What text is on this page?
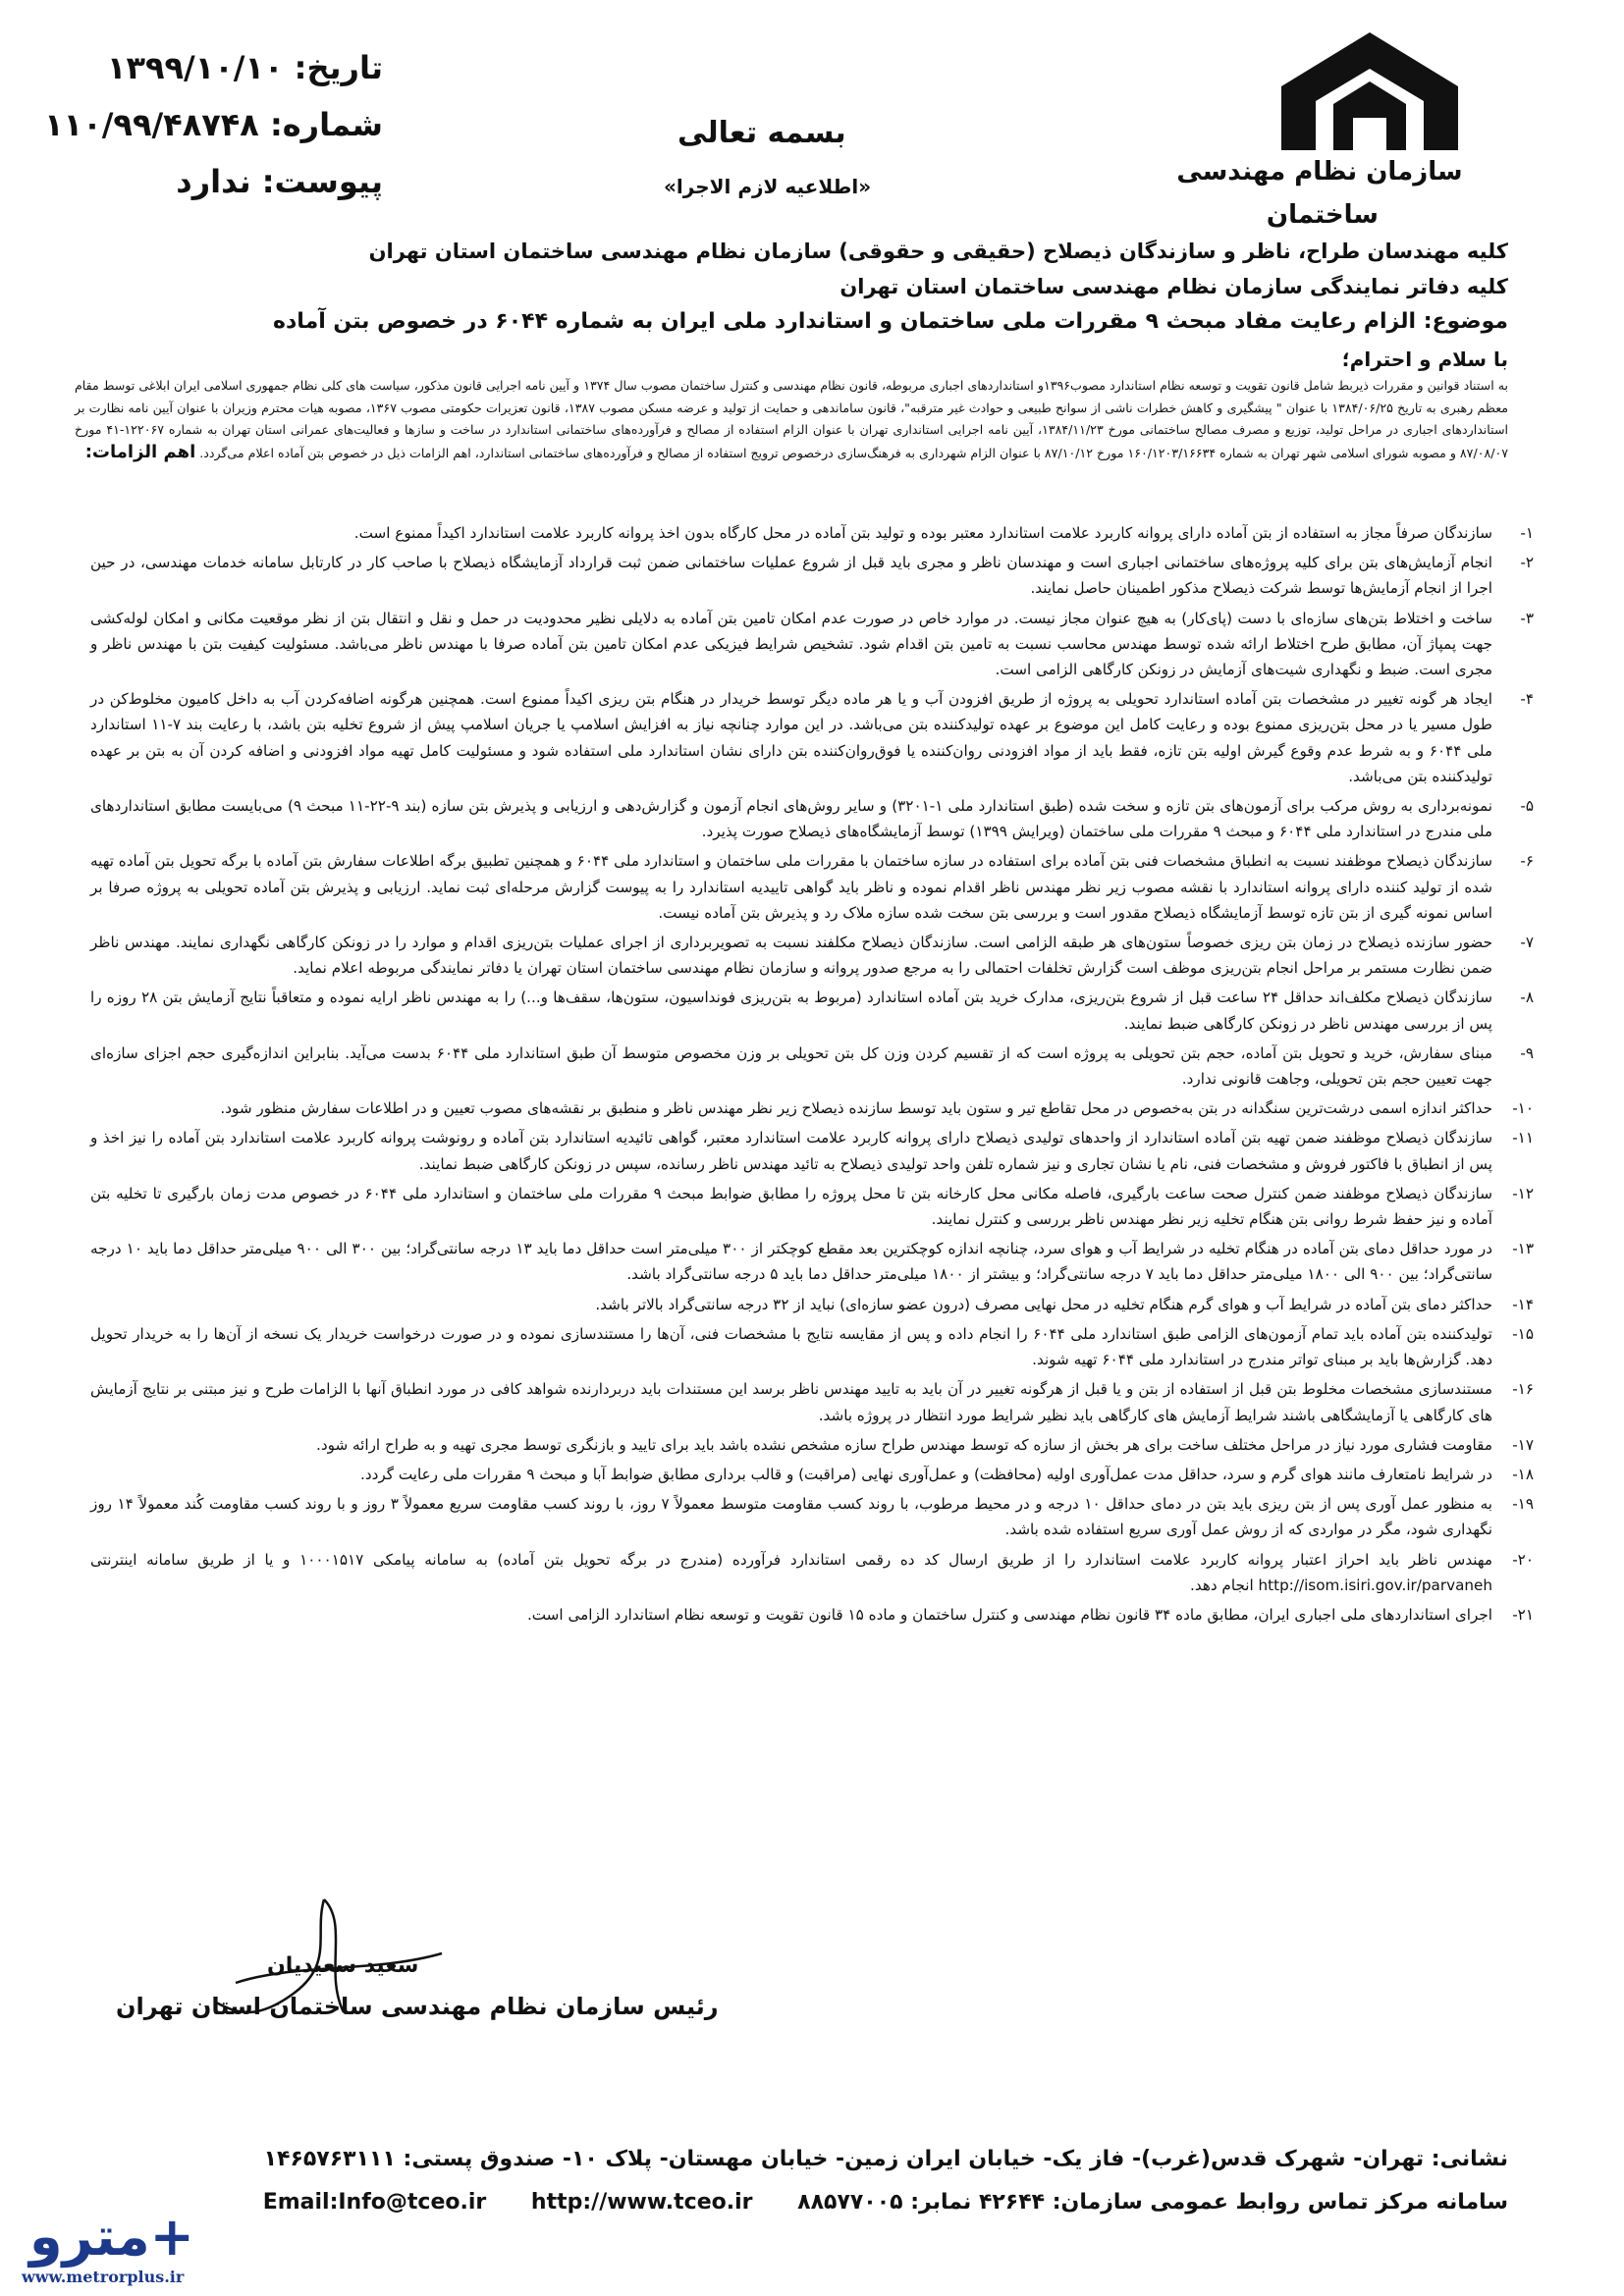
سازمان نظام مهندسی
ساختمان
بسمه تعالی
«اطلاعیه لازم الاجرا»
تاریخ: ۱۳۹۹/۱۰/۱۰
شماره: ۱۱۰/۹۹/۴۸۷۴۸
پیوست: ندارد
کلیه مهندسان طراح، ناظر و سازندگان ذیصلاح (حقیقی و حقوقی) سازمان نظام مهندسی ساختمان استان تهران
کلیه دفاتر نمایندگی سازمان نظام مهندسی ساختمان استان تهران
موضوع: الزام رعایت مفاد مبحث ۹ مقررات ملی ساختمان و استاندارد ملی ایران به شماره ۶۰۴۴ در خصوص بتن آماده
با سلام و احترام؛
به استناد قوانین و مقررات ذیربط شامل قانون تقویت و توسعه نظام استاندارد مصوب۱۳۹۶و استانداردهای اجباری مربوطه، قانون نظام مهندسی و کنترل ساختمان مصوب سال ۱۳۷۴ و آیین نامه اجرایی قانون مذکور، سیاست های کلی نظام جمهوری اسلامی ایران ابلاغی توسط مقام معظم رهبری به تاریخ ۱۳۸۴/۰۶/۲۵ با عنوان " پیشگیری و کاهش خطرات ناشی از سوانح طبیعی و حوادث غیر مترقبه"، قانون ساماندهی و حمایت از تولید و عرضه مسکن مصوب ۱۳۸۷، قانون تعزیرات حکومتی مصوب ۱۳۶۷، مصوبه هیات محترم وزیران با عنوان آیین نامه نظارت بر استانداردهای اجباری در مراحل تولید، توزیع و مصرف مصالح ساختمانی مورخ ۱۳۸۴/۱۱/۲۳، آیین نامه اجرایی استانداری تهران با عنوان الزام استفاده از مصالح و فرآورده‌های ساختمانی استاندارد در ساخت و سازها و فعالیت‌های عمرانی استان تهران به شماره ۱۲۲۰۶۷-۴۱ مورخ ۸۷/۰۸/۰۷ و مصوبه شورای اسلامی شهر تهران به شماره ۱۶۰/۱۲۰۳/۱۶۶۳۴ مورخ ۸۷/۱۰/۱۲ با عنوان الزام شهرداری به فرهنگ‌سازی درخصوص ترویج استفاده از مصالح و فرآورده‌های ساختمانی استاندارد، اهم الزامات ذیل در خصوص بتن آماده اعلام می‌گردد. اهم الزامات:
۱-
سازندگان صرفاً مجاز به استفاده از بتن آماده دارای پروانه کاربرد علامت استاندارد معتبر بوده و تولید بتن آماده در محل کارگاه بدون اخذ پروانه کاربرد علامت استاندارد اکیداً ممنوع است.
۲-
انجام آزمایش‌های بتن برای کلیه پروژه‌های ساختمانی اجباری است و مهندسان ناظر و مجری باید قبل از شروع عملیات ساختمانی ضمن ثبت قرارداد آزمایشگاه ذیصلاح با صاحب کار در کارتابل سامانه خدمات مهندسی، در حین اجرا از انجام آزمایش‌ها توسط شرکت ذیصلاح مذکور اطمینان حاصل نمایند.
۳-
ساخت و اختلاط بتن‌های سازه‌ای با دست (پای‌کار) به هیچ عنوان مجاز نیست. در موارد خاص در صورت عدم امکان تامین بتن آماده به دلایلی نظیر محدودیت در حمل و نقل و انتقال بتن از نظر موقعیت مکانی و امکان لوله‌کشی جهت پمپاژ آن، مطابق طرح اختلاط ارائه شده توسط مهندس محاسب نسبت به تامین بتن اقدام شود. تشخیص شرایط فیزیکی عدم امکان تامین بتن آماده صرفا با مهندس ناظر می‌باشد. مسئولیت کیفیت بتن با مهندس ناظر و مجری است. ضبط و نگهداری شیت‌های آزمایش در زونکن کارگاهی الزامی است.
۴-
ایجاد هر گونه تغییر در مشخصات بتن آماده استاندارد تحویلی به پروژه از طریق افزودن آب و یا هر ماده دیگر توسط خریدار در هنگام بتن ریزی اکیداً ممنوع است. همچنین هرگونه اضافه‌کردن آب به داخل کامیون مخلوط‌کن در طول مسیر یا در محل بتن‌ریزی ممنوع بوده و رعایت کامل این موضوع بر عهده تولیدکننده بتن می‌باشد. در این موارد چنانچه نیاز به افزایش اسلامپ یا جریان اسلامپ پیش از شروع تخلیه بتن باشد، با رعایت بند ۷-۱۱ استاندارد ملی ۶۰۴۴ و به شرط عدم وقوع گیرش اولیه بتن تازه، فقط باید از مواد افزودنی روان‌کننده یا فوق‌روان‌کننده بتن دارای نشان استاندارد ملی استفاده شود و مسئولیت کامل تهیه مواد افزودنی و اضافه کردن آن به بتن بر عهده تولیدکننده بتن می‌باشد.
۵-
نمونه‌برداری به روش مرکب برای آزمون‌های بتن تازه و سخت شده (طبق استاندارد ملی ۱-۳۲۰۱) و سایر روش‌های انجام آزمون و گزارش‌دهی و ارزیابی و پذیرش بتن سازه (بند ۹-۲۲-۱۱ مبحث ۹) می‌بایست مطابق استانداردهای ملی مندرج در استاندارد ملی ۶۰۴۴ و مبحث ۹ مقررات ملی ساختمان (ویرایش ۱۳۹۹) توسط آزمایشگاه‌های ذیصلاح صورت پذیرد.
۶-
سازندگان ذیصلاح موظفند نسبت به انطباق مشخصات فنی بتن آماده برای استفاده در سازه ساختمان با مقررات ملی ساختمان و استاندارد ملی ۶۰۴۴ و همچنین تطبیق برگه اطلاعات سفارش بتن آماده با برگه تحویل بتن آماده تهیه شده از تولید کننده دارای پروانه استاندارد با نقشه مصوب زیر نظر مهندس ناظر اقدام نموده و ناظر باید گواهی تاییدیه استاندارد را به پیوست گزارش مرحله‌ای ثبت نماید. ارزیابی و پذیرش بتن آماده تحویلی به پروژه صرفا بر اساس نمونه گیری از بتن تازه توسط آزمایشگاه ذیصلاح مقدور است و بررسی بتن سخت شده سازه ملاک رد و پذیرش بتن آماده نیست.
۷-
حضور سازنده ذیصلاح در زمان بتن ریزی خصوصاً ستون‌های هر طبقه الزامی است. سازندگان ذیصلاح مکلفند نسبت به تصویربرداری از اجرای عملیات بتن‌ریزی اقدام و موارد را در زونکن کارگاهی نگهداری نمایند. مهندس ناظر ضمن نظارت مستمر بر مراحل انجام بتن‌ریزی موظف است گزارش تخلفات احتمالی را به مرجع صدور پروانه و سازمان نظام مهندسی ساختمان استان تهران یا دفاتر نمایندگی مربوطه اعلام نماید.
۸-
سازندگان ذیصلاح مکلف‌اند حداقل ۲۴ ساعت قبل از شروع بتن‌ریزی، مدارک خرید بتن آماده استاندارد (مربوط به بتن‌ریزی فونداسیون، ستون‌ها، سقف‌ها و...) را به مهندس ناظر ارایه نموده و متعاقباً نتایج آزمایش بتن ۲۸ روزه را پس از بررسی مهندس ناظر در زونکن کارگاهی ضبط نمایند.
۹-
مبنای سفارش، خرید و تحویل بتن آماده، حجم بتن تحویلی به پروژه است که از تقسیم کردن وزن کل بتن تحویلی بر وزن مخصوص متوسط آن طبق استاندارد ملی ۶۰۴۴ بدست می‌آید. بنابراین اندازه‌گیری حجم اجزای سازه‌ای جهت تعیین حجم بتن تحویلی، وجاهت قانونی ندارد.
۱۰-
حداکثر اندازه اسمی درشت‌ترین سنگدانه در بتن به‌خصوص در محل تقاطع تیر و ستون باید توسط سازنده ذیصلاح زیر نظر مهندس ناظر و منطبق بر نقشه‌های مصوب تعیین و در اطلاعات سفارش منظور شود.
۱۱-
سازندگان ذیصلاح موظفند ضمن تهیه بتن آماده استاندارد از واحدهای تولیدی ذیصلاح دارای پروانه کاربرد علامت استاندارد معتبر، گواهی تائیدیه استاندارد بتن آماده و رونوشت پروانه کاربرد علامت استاندارد بتن آماده را نیز اخذ و پس از انطباق با فاکتور فروش و مشخصات فنی، نام یا نشان تجاری و نیز شماره تلفن واحد تولیدی ذیصلاح به تائید مهندس ناظر رسانده، سپس در زونکن کارگاهی ضبط نمایند.
۱۲-
سازندگان ذیصلاح موظفند ضمن کنترل صحت ساعت بارگیری، فاصله مکانی محل کارخانه بتن تا محل پروژه را مطابق ضوابط مبحث ۹ مقررات ملی ساختمان و استاندارد ملی ۶۰۴۴ در خصوص مدت زمان بارگیری تا تخلیه بتن آماده و نیز حفظ شرط روانی بتن هنگام تخلیه زیر نظر مهندس ناظر بررسی و کنترل نمایند.
۱۳-
در مورد حداقل دمای بتن آماده در هنگام تخلیه در شرایط آب و هوای سرد، چنانچه اندازه کوچکترین بعد مقطع کوچکتر از ۳۰۰ میلی‌متر است حداقل دما باید ۱۳ درجه سانتی‌گراد؛ بین ۳۰۰ الی ۹۰۰ میلی‌متر حداقل دما باید ۱۰ درجه سانتی‌گراد؛ بین ۹۰۰ الی ۱۸۰۰ میلی‌متر حداقل دما باید ۷ درجه سانتی‌گراد؛ و بیشتر از ۱۸۰۰ میلی‌متر حداقل دما باید ۵ درجه سانتی‌گراد باشد.
۱۴-
حداکثر دمای بتن آماده در شرایط آب و هوای گرم هنگام تخلیه در محل نهایی مصرف (درون عضو سازه‌ای) نباید از ۳۲ درجه سانتی‌گراد بالاتر باشد.
۱۵-
تولیدکننده بتن آماده باید تمام آزمون‌های الزامی طبق استاندارد ملی ۶۰۴۴ را انجام داده و پس از مقایسه نتایج با مشخصات فنی، آن‌ها را مستندسازی نموده و در صورت درخواست خریدار یک نسخه از آن‌ها را به خریدار تحویل دهد. گزارش‌ها باید بر مبنای تواتر مندرج در استاندارد ملی ۶۰۴۴ تهیه شوند.
۱۶-
مستندسازی مشخصات مخلوط بتن قبل از استفاده از بتن و یا قبل از هرگونه تغییر در آن باید به تایید مهندس ناظر برسد این مستندات باید دربردارنده شواهد کافی در مورد انطباق آنها با الزامات طرح و نیز مبتنی بر نتایج آزمایش های کارگاهی یا آزمایشگاهی باشند شرایط آزمایش های کارگاهی باید نظیر شرایط مورد انتظار در پروژه باشد.
۱۷-
مقاومت فشاری مورد نیاز در مراحل مختلف ساخت برای هر بخش از سازه که توسط مهندس طراح سازه مشخص نشده باشد باید برای تایید و بازنگری توسط مجری تهیه و به طراح ارائه شود.
۱۸-
در شرایط نامتعارف مانند هوای گرم و سرد، حداقل مدت عمل‌آوری اولیه (محافظت) و عمل‌آوری نهایی (مراقبت) و قالب برداری مطابق ضوابط آبا و مبحث ۹ مقررات ملی رعایت گردد.
۱۹-
به منظور عمل آوری پس از بتن ریزی باید بتن در دمای حداقل ۱۰ درجه و در محیط مرطوب، با روند کسب مقاومت متوسط معمولاً ۷ روز، با روند کسب مقاومت سریع معمولاً ۳ روز و با روند کسب مقاومت کُند معمولاً ۱۴ روز نگهداری شود، مگر در مواردی که از روش عمل آوری سریع استفاده شده باشد.
۲۰-
مهندس ناظر باید احراز اعتبار پروانه کاربرد علامت استاندارد را از طریق ارسال کد ده رقمی استاندارد فرآورده (مندرج در برگه تحویل بتن آماده) به سامانه پیامکی ۱۰۰۰۱۵۱۷ و یا از طریق سامانه اینترنتی http://isom.isiri.gov.ir/parvaneh انجام دهد.
۲۱-
اجرای استانداردهای ملی اجباری ایران، مطابق ماده ۳۴ قانون نظام مهندسی و کنترل ساختمان و ماده ۱۵ قانون تقویت و توسعه نظام استاندارد الزامی است.
سعید سعیدیان
رئیس سازمان نظام مهندسی ساختمان استان تهران
نشانی: تهران- شهرک قدس(غرب)- فاز یک- خیابان ایران زمین- خیابان مهستان- پلاک ۱۰- صندوق پستی: ۱۴۶۵۷۶۳۱۱۱
سامانه مرکز تماس روابط عمومی سازمان: ۴۲۶۴۴ نمابر: ۸۸۵۷۷۰۰۵ Email:Info@tceo.ir http://www.tceo.ir
مترو+
www.metrorplus.ir
